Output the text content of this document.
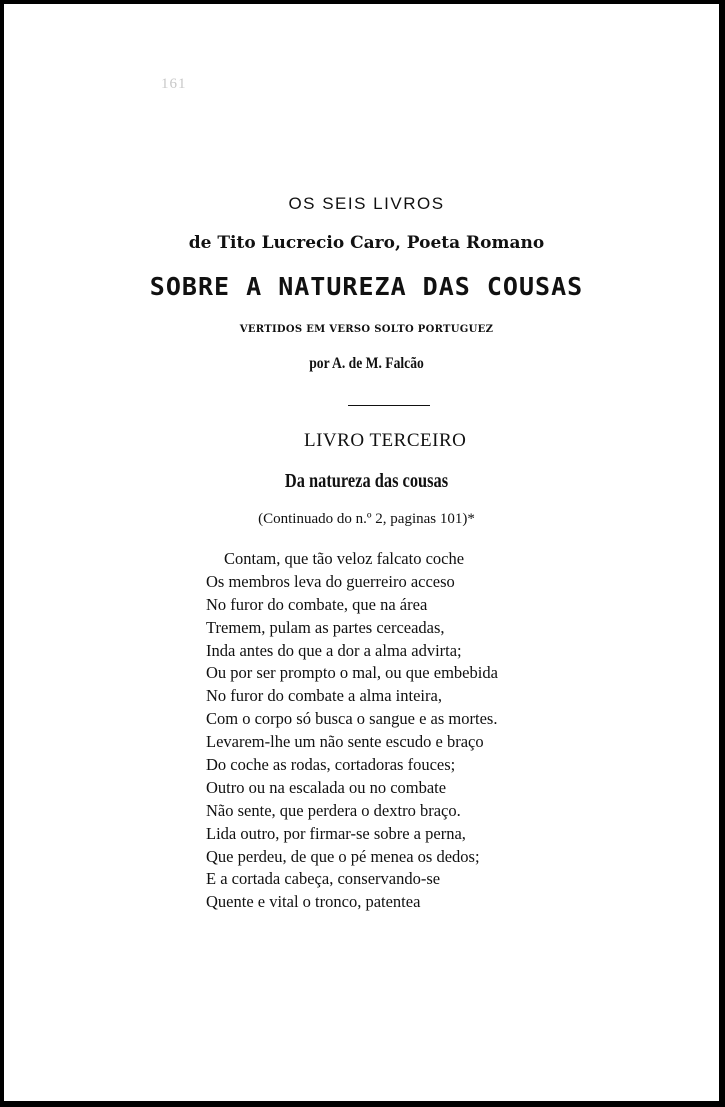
161
OS SEIS LIVROS
de Tito Lucrecio Caro, Poeta Romano
SOBRE A NATUREZA DAS COUSAS
VERTIDOS EM VERSO SOLTO PORTUGUEZ
por A. de M. Falcão
LIVRO TERCEIRO
Da natureza das cousas
(Continuado do n.º 2, paginas 101)*
Contam, que tão veloz falcato coche
Os membros leva do guerreiro acceso
No furor do combate, que na área
Tremem, pulam as partes cerceadas,
Inda antes do que a dor a alma advirta;
Ou por ser prompto o mal, ou que embebida
No furor do combate a alma inteira,
Com o corpo só busca o sangue e as mortes.
Levarem-lhe um não sente escudo e braço
Do coche as rodas, cortadoras fouces;
Outro ou na escalada ou no combate
Não sente, que perdera o dextro braço.
Lida outro, por firmar-se sobre a perna,
Que perdeu, de que o pé menea os dedos;
E a cortada cabeça, conservando-se
Quente e vital o tronco, patentea
